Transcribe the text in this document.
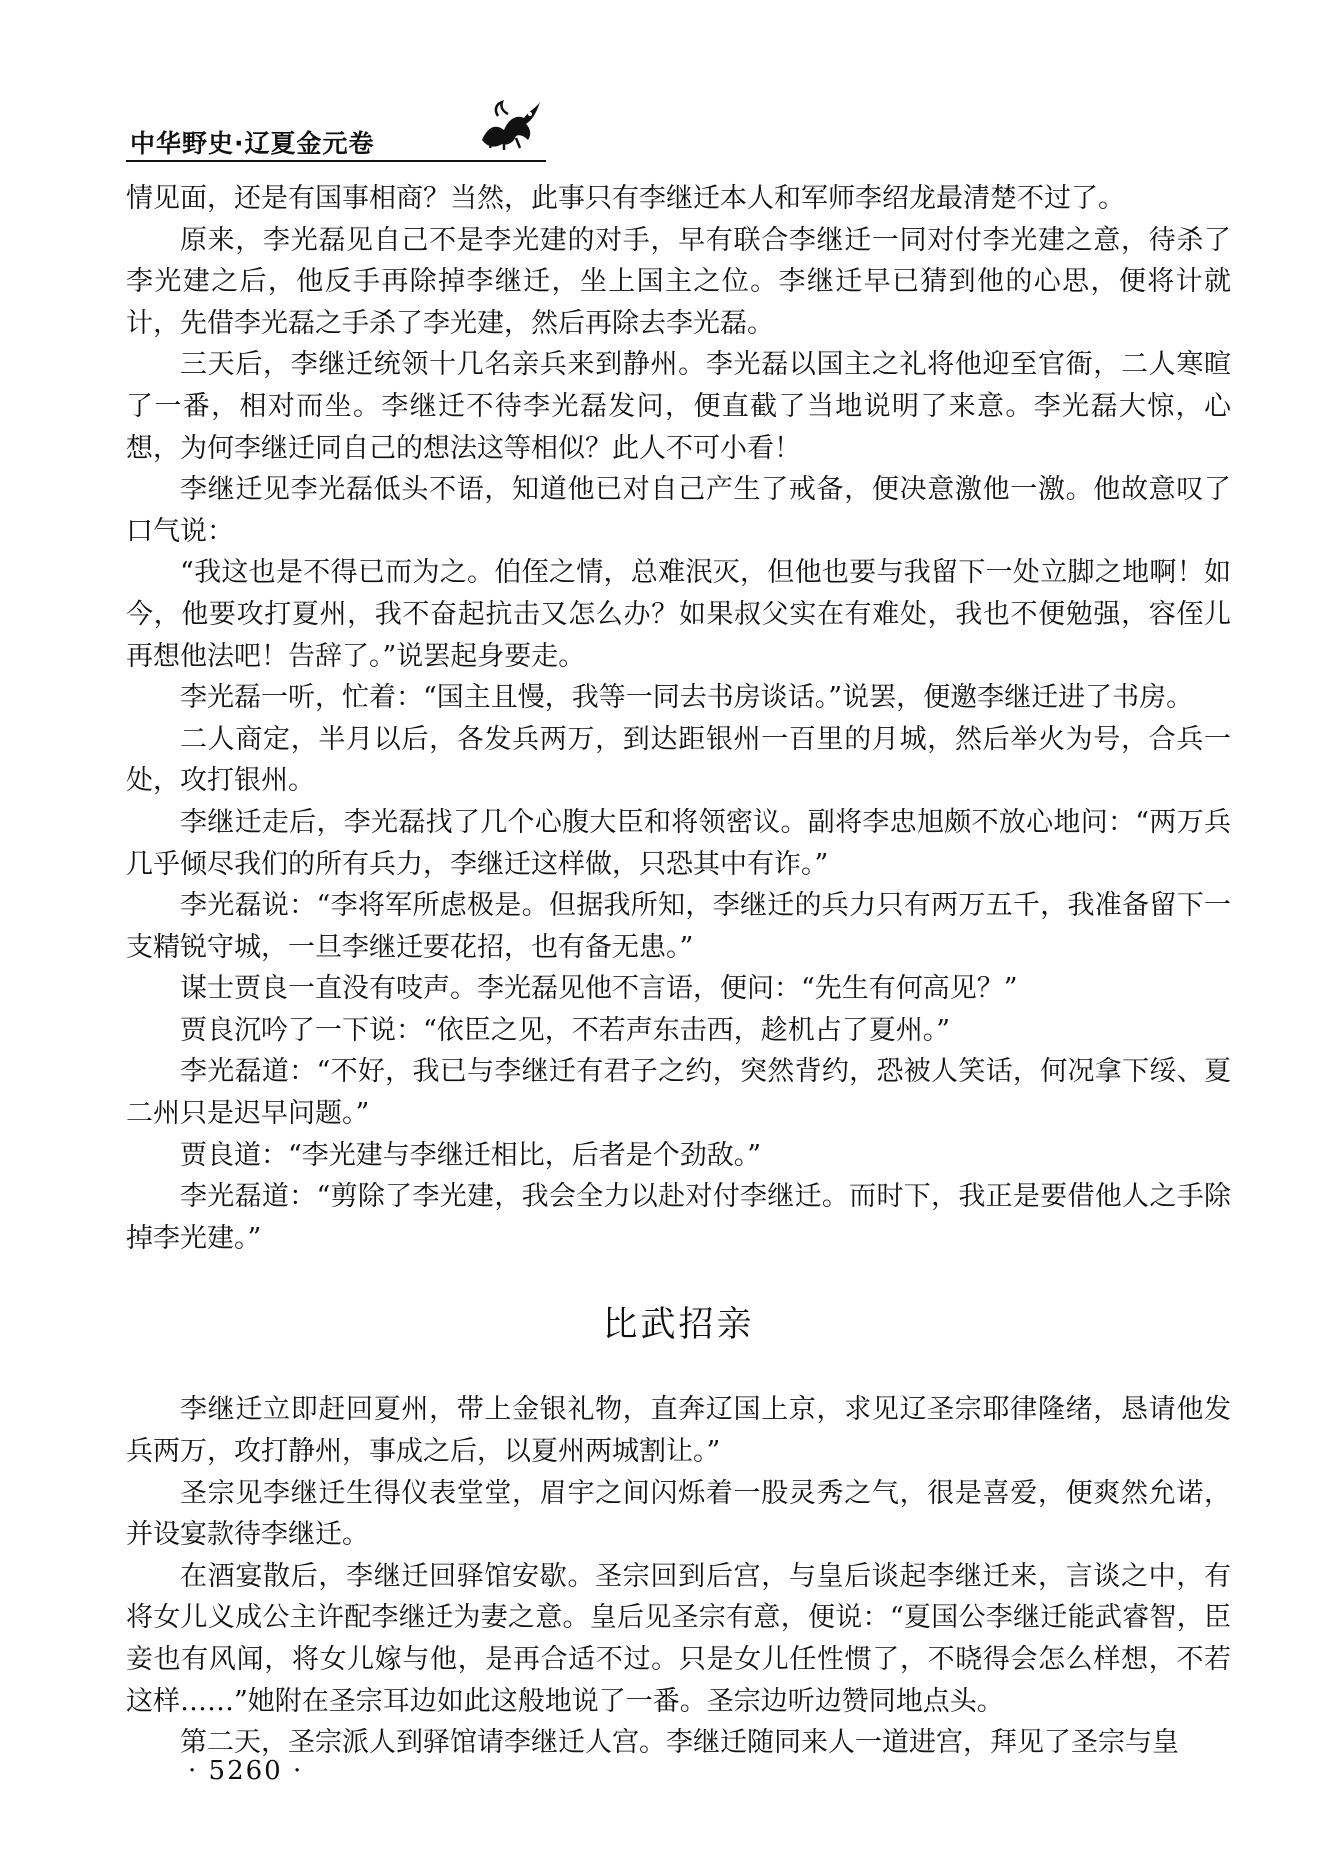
中华野史·辽夏金元卷

情见面，还是有国事相商？当然，此事只有李继迁本人和军师李绍龙最清楚不过了。

原来，李光磊见自己不是李光建的对手，早有联合李继迁一同对付李光建之意，待杀了李光建之后，他反手再除掉李继迁，坐上国主之位。李继迁早已猜到他的心思，便将计就计，先借李光磊之手杀了李光建，然后再除去李光磊。

三天后，李继迁统领十几名亲兵来到静州。李光磊以国主之礼将他迎至官衙，二人寒暄了一番，相对而坐。李继迁不待李光磊发问，便直截了当地说明了来意。李光磊大惊，心想，为何李继迁同自己的想法这等相似？此人不可小看！

李继迁见李光磊低头不语，知道他已对自己产生了戒备，便决意激他一激。他故意叹了口气说：

“我这也是不得已而为之。伯侄之情，总难泯灭，但他也要与我留下一处立脚之地啊！如今，他要攻打夏州，我不奋起抗击又怎么办？如果叔父实在有难处，我也不便勉强，容侄儿再想他法吧！告辞了。”说罢起身要走。

李光磊一听，忙着：“国主且慢，我等一同去书房谈话。”说罢，便邀李继迁进了书房。

二人商定，半月以后，各发兵两万，到达距银州一百里的月城，然后举火为号，合兵一处，攻打银州。

李继迁走后，李光磊找了几个心腹大臣和将领密议。副将李忠旭颇不放心地问：“两万兵几乎倾尽我们的所有兵力，李继迁这样做，只恐其中有诈。”

李光磊说：“李将军所虑极是。但据我所知，李继迁的兵力只有两万五千，我准备留下一支精锐守城，一旦李继迁要花招，也有备无患。”

谋士贾良一直没有吱声。李光磊见他不言语，便问：“先生有何高见？”

贾良沉吟了一下说：“依臣之见，不若声东击西，趁机占了夏州。”

李光磊道：“不好，我已与李继迁有君子之约，突然背约，恐被人笑话，何况拿下绥、夏二州只是迟早问题。”

贾良道：“李光建与李继迁相比，后者是个劲敌。”

李光磊道：“剪除了李光建，我会全力以赴对付李继迁。而时下，我正是要借他人之手除掉李光建。”

比武招亲

李继迁立即赶回夏州，带上金银礼物，直奔辽国上京，求见辽圣宗耶律隆绪，恳请他发兵两万，攻打静州，事成之后，以夏州两城割让。”

圣宗见李继迁生得仪表堂堂，眉宇之间闪烁着一股灵秀之气，很是喜爱，便爽然允诺，并设宴款待李继迁。

在酒宴散后，李继迁回驿馆安歇。圣宗回到后宫，与皇后谈起李继迁来，言谈之中，有将女儿义成公主许配李继迁为妻之意。皇后见圣宗有意，便说：“夏国公李继迁能武睿智，臣妾也有风闻，将女儿嫁与他，是再合适不过。只是女儿任性惯了，不晓得会怎么样想，不若这样……”她附在圣宗耳边如此这般地说了一番。圣宗边听边赞同地点头。

第二天，圣宗派人到驿馆请李继迁人宫。李继迁随同来人一道进宫，拜见了圣宗与皇

· 5260 ·
